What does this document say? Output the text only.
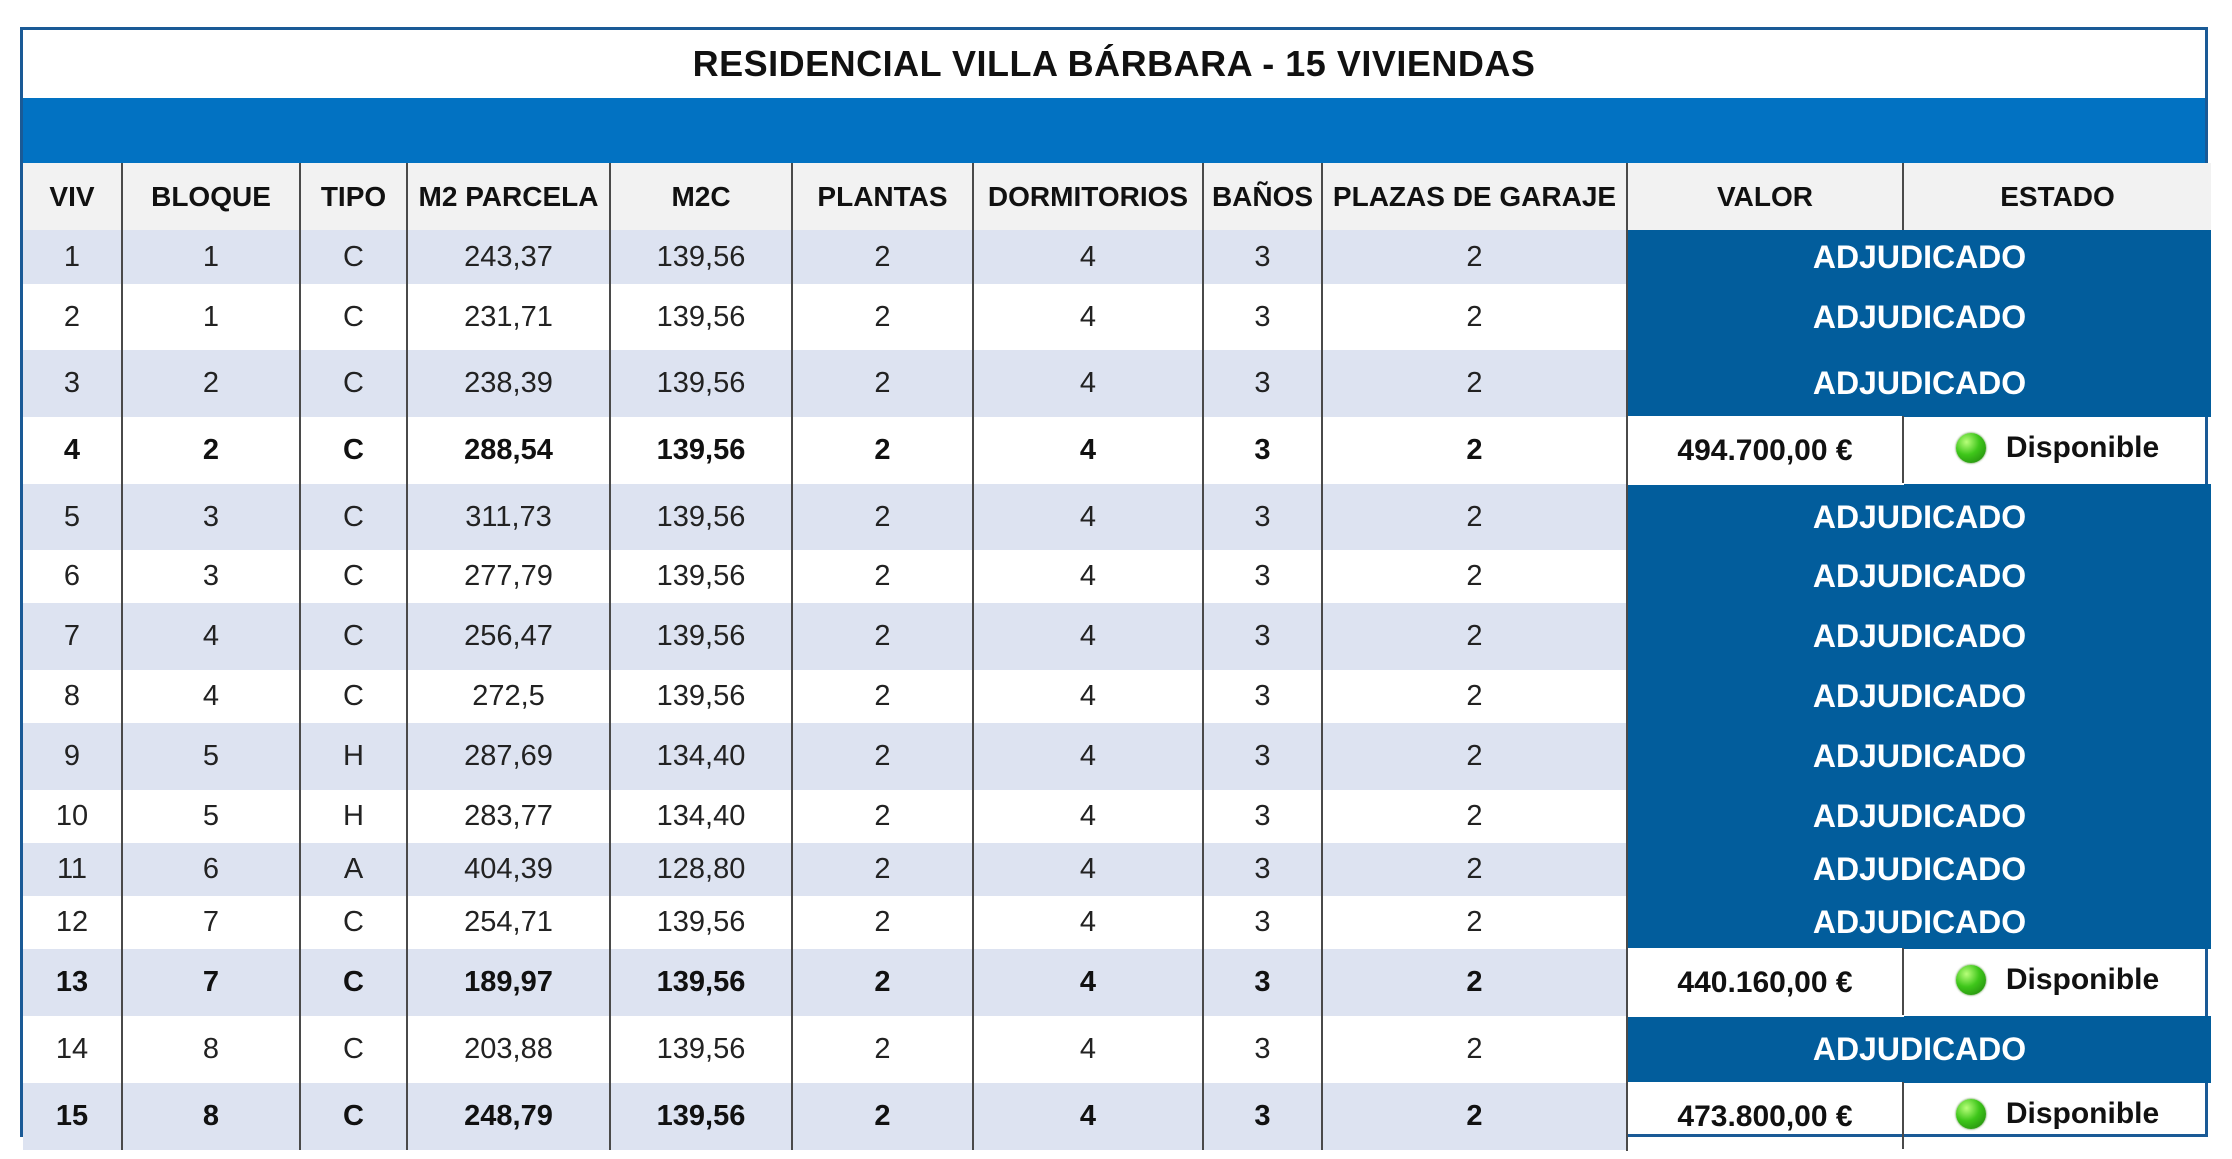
RESIDENCIAL VILLA BÁRBARA - 15 VIVIENDAS
VIV	BLOQUE	TIPO	M2 PARCELA	M2C	PLANTAS	DORMITORIOS	BAÑOS	PLAZAS DE GARAJE	VALOR	ESTADO
1	1	C	243,37	139,56	2	4	3	2	ADJUDICADO	
2	1	C	231,71	139,56	2	4	3	2	ADJUDICADO	
3	2	C	238,39	139,56	2	4	3	2	ADJUDICADO	
4	2	C	288,54	139,56	2	4	3	2	494.700,00 €	Disponible

5	3	C	311,73	139,56	2	4	3	2	ADJUDICADO	
6	3	C	277,79	139,56	2	4	3	2	ADJUDICADO	
7	4	C	256,47	139,56	2	4	3	2	ADJUDICADO	
8	4	C	272,5	139,56	2	4	3	2	ADJUDICADO	
9	5	H	287,69	134,40	2	4	3	2	ADJUDICADO	
10	5	H	283,77	134,40	2	4	3	2	ADJUDICADO	
11	6	A	404,39	128,80	2	4	3	2	ADJUDICADO	
12	7	C	254,71	139,56	2	4	3	2	ADJUDICADO	
13	7	C	189,97	139,56	2	4	3	2	440.160,00 €	Disponible

14	8	C	203,88	139,56	2	4	3	2	ADJUDICADO	
15	8	C	248,79	139,56	2	4	3	2	473.800,00 €	Disponible
